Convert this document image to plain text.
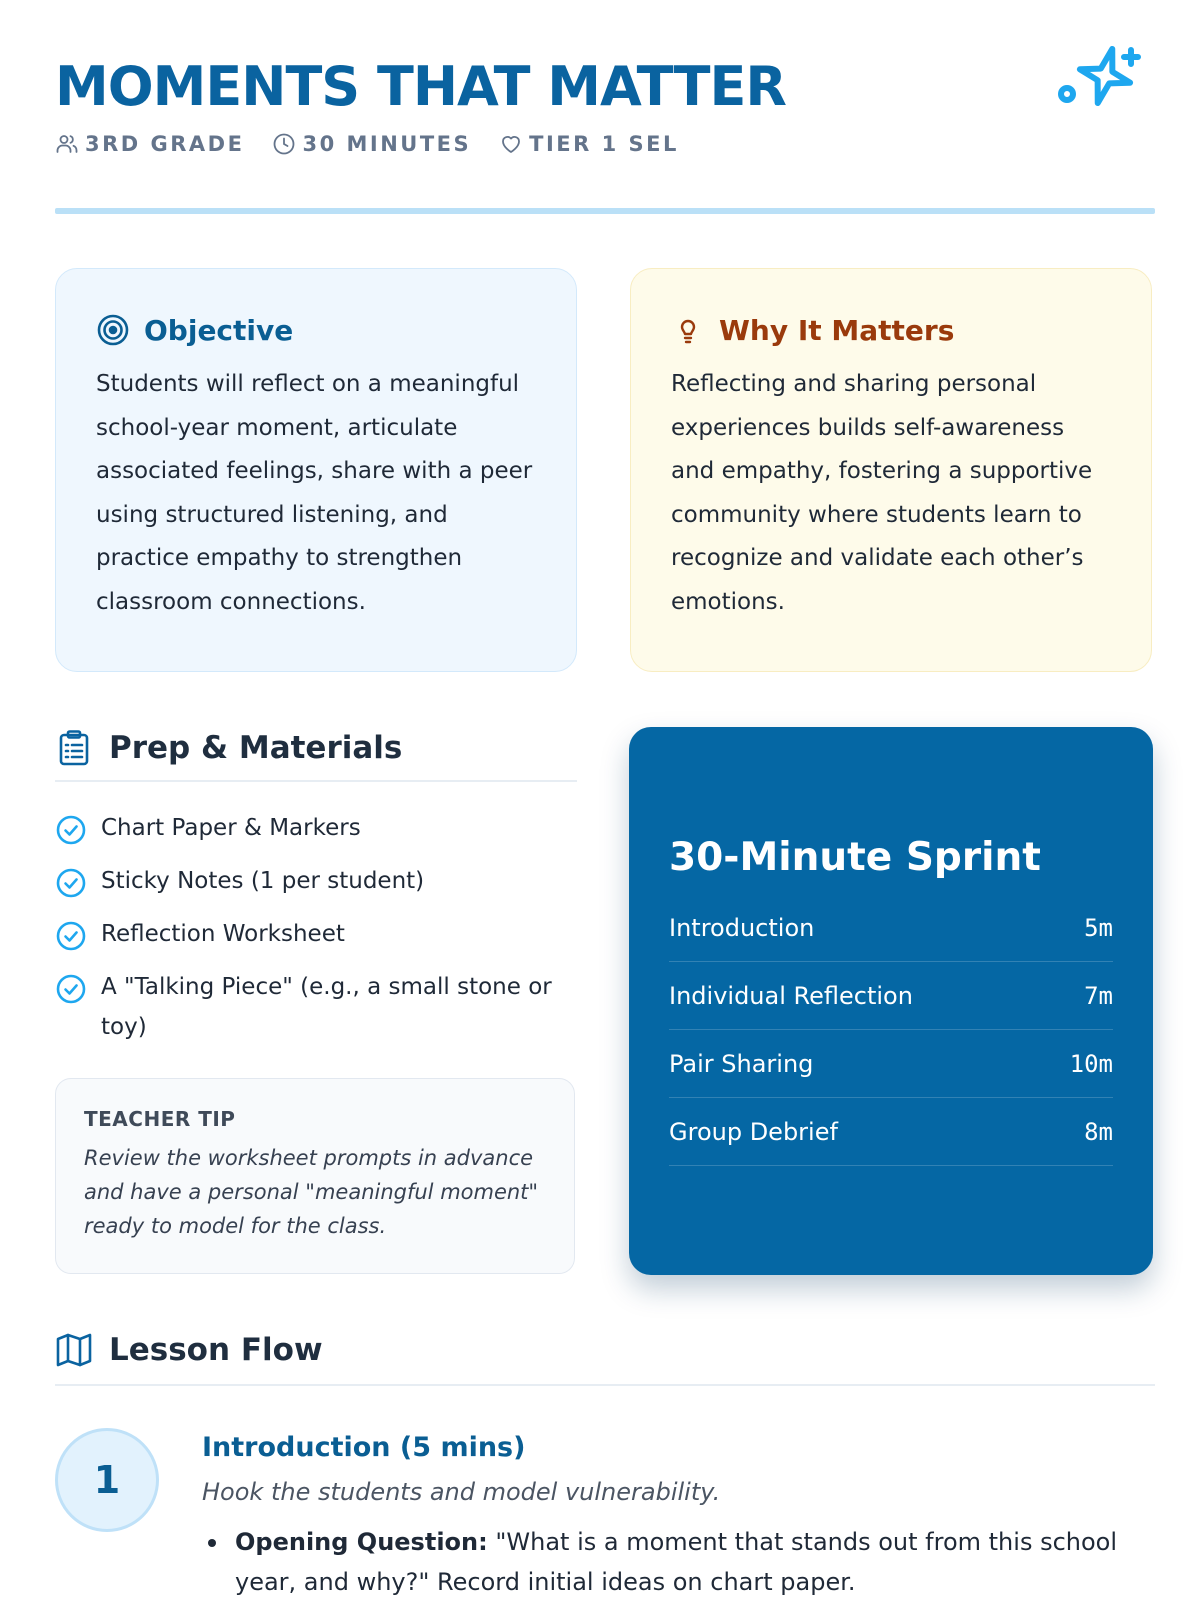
MOMENTS THAT MATTER
3RD GRADE	30 MINUTES	TIER 1 SEL
Objective

Students will reflect on a meaningful school-year moment, articulate associated feelings, share with a peer using structured listening, and practice empathy to strengthen classroom connections.

Why It Matters

Reflecting and sharing personal experiences builds self-awareness and empathy, fostering a supportive community where students learn to recognize and validate each other’s emotions.

Prep & Materials
Chart Paper & Markers
Sticky Notes (1 per student)
Reflection Worksheet
A "Talking Piece" (e.g., a small stone or toy)
TEACHER TIP

Review the worksheet prompts in advance and have a personal "meaningful moment" ready to model for the class.

30-Minute Sprint
Introduction	5m
Individual Reflection	7m
Pair Sharing	10m
Group Debrief	8m
Lesson Flow
1
Introduction (5 mins)
Hook the students and model vulnerability.
Opening Question: "What is a moment that stands out from this school year, and why?" Record initial ideas on chart paper.
